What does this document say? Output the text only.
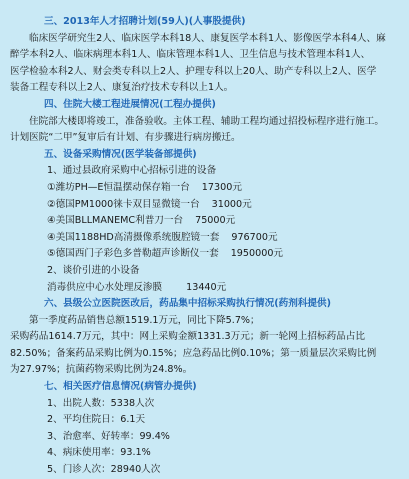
三、2013年人才招聘计划(59人)(人事股提供)
临床医学研究生2人、临床医学本科18人、康复医学本科1人、影像医学本科4人、麻
醉学本科2人、临床病理本科1人、临床管理本科1人、卫生信息与技术管理本科1人、
医学检验本科2人、财会类专科以上2人、护理专科以上20人、助产专科以上2人、医学
装备工程专科以上2人、康复治疗技术专科以上1人。
四、住院大楼工程进展情况(工程办提供)
住院部大楼即将竣工，准备验收。主体工程、辅助工程均通过招投标程序进行施工。
计划医院“二甲”复审后有计划、有步骤进行病房搬迁。
五、设备采购情况(医学装备部提供)
1、通过县政府采购中心招标引进的设备
①潍坊PH—E恒温摆动保存箱一台 17300元
②德国PM1000徕卡双目显微镜一台 31000元
④美国BLLMANEMC利普刀一台 75000元
④美国1188HD高清摄像系统腹腔镜一套 976700元
⑤德国西门子彩色多普勒超声诊断仪一套 1950000元
2、谈价引进的小设备
消毒供应中心水处理反渗膜	13440元
六、县级公立医院医改后，药品集中招标采购执行情况(药剂科提供)
第一季度药品销售总额1519.1万元，同比下降5.7%；
采购药品1614.7万元，其中：网上采购金额1331.3万元；新一轮网上招标药品占比
82.50%；备案药品采购比例为0.15%；应急药品比例0.10%；第一质量层次采购比例
为27.97%；抗菌药物采购比例为24.8%。
七、相关医疗信息情况(病管办提供)
1、出院人数：5338人次
2、平均住院日：6.1天
3、治愈率、好转率：99.4%
4、病床使用率：93.1%
5、门诊人次：28940人次
